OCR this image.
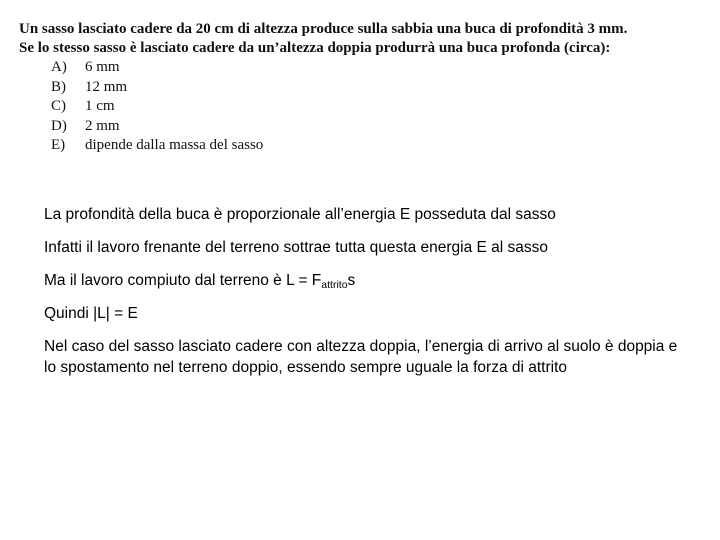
Un sasso lasciato cadere da 20 cm di altezza produce sulla sabbia una buca di profondità 3 mm.
Se lo stesso sasso è lasciato cadere da un’altezza doppia produrrà una buca profonda (circa):
A)	6 mm
B)	12 mm
C)	1 cm
D)	2 mm
E)	dipende dalla massa del sasso

La profondità della buca è proporzionale all’energia E posseduta dal sasso

Infatti il lavoro frenante del terreno sottrae tutta questa energia E al sasso

Ma il lavoro compiuto dal terreno è $L = F_{attrito}s$

Quindi |L| = E

Nel caso del sasso lasciato cadere con altezza doppia, l’energia di arrivo al suolo è doppia e lo spostamento nel terreno doppio, essendo sempre uguale la forza di attrito
